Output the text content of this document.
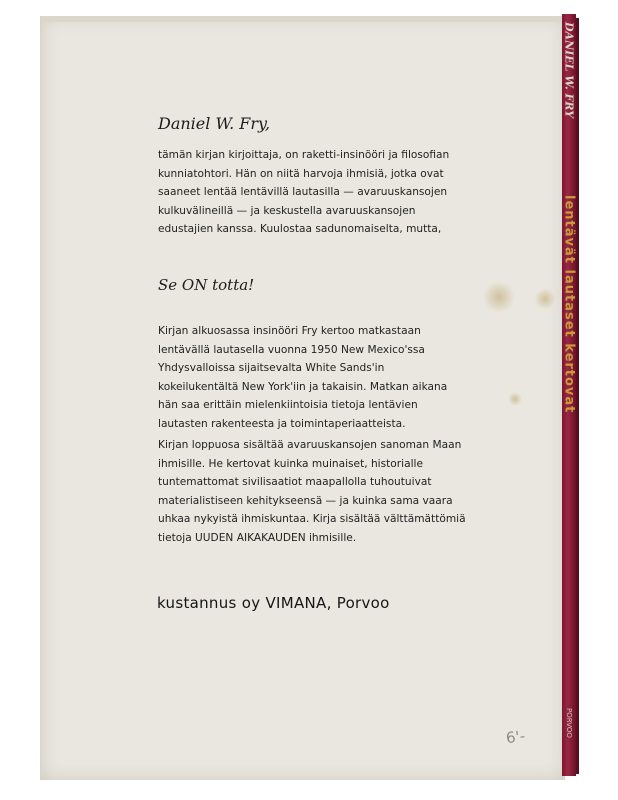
DANIEL W. FRY
lentävät lautaset kertovat
PORVOO
Daniel W. Fry,

tämän kirjan kirjoittaja, on raketti-insinööri ja filosofian kunniatohtori. Hän on niitä harvoja ihmisiä, jotka ovat saaneet lentää lentävillä lautasilla — avaruuskansojen kulkuvälineillä — ja keskustella avaruuskansojen edustajien kanssa. Kuulostaa sadunomaiselta, mutta,

Se ON totta!

Kirjan alkuosassa insinööri Fry kertoo matkastaan lentävällä lautasella vuonna 1950 New Mexico'ssa Yhdysvalloissa sijaitsevalta White Sands'in kokeilukentältä New York'iin ja takaisin. Matkan aikana hän saa erittäin mielenkiintoisia tietoja lentävien lautasten rakenteesta ja toimintaperiaatteista.

Kirjan loppuosa sisältää avaruuskansojen sanoman Maan ihmisille. He kertovat kuinka muinaiset, historialle tuntemattomat sivilisaatiot maapallolla tuhoutuivat materialistiseen kehitykseensä — ja kuinka sama vaara uhkaa nykyistä ihmiskuntaa. Kirja sisältää välttämättömiä tietoja UUDEN AIKAKAUDEN ihmisille.

kustannus oy VIMANA, Porvoo

6'-
